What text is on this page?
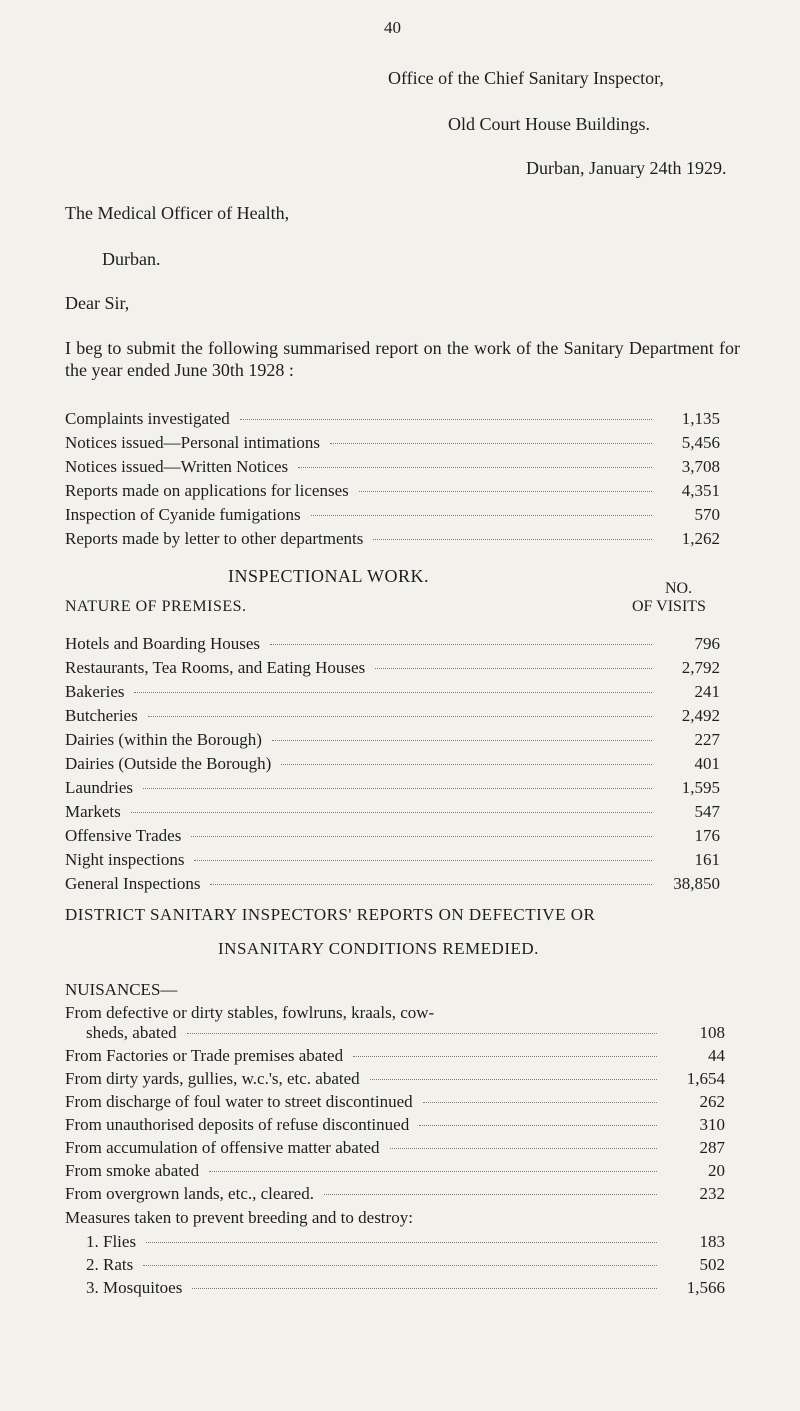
40
Office of the Chief Sanitary Inspector,
Old Court House Buildings.
Durban, January 24th 1929.
The Medical Officer of Health,
Durban.
Dear Sir,
I beg to submit the following summarised report on the work of the Sanitary Department for the year ended June 30th 1928 :
Complaints investigated	1,135
Notices issued—Personal intimations	5,456
Notices issued—Written Notices	3,708
Reports made on applications for licenses	4,351
Inspection of Cyanide fumigations	570
Reports made by letter to other departments	1,262
INSPECTIONAL WORK.
NATURE OF PREMISES.
NO.
OF VISITS
Hotels and Boarding Houses	796
Restaurants, Tea Rooms, and Eating Houses	2,792
Bakeries	241
Butcheries	2,492
Dairies (within the Borough)	227
Dairies (Outside the Borough)	401
Laundries	1,595
Markets	547
Offensive Trades	176
Night inspections	161
DISTRICT SANITARY INSPECTORS' REPORTS ON DEFECTIVE OR
INSANITARY CONDITIONS REMEDIED.
General Inspections	38,850
NUISANCES—
From defective or dirty stables, fowlruns, kraals, cow-
sheds, abated	108
From Factories or Trade premises abated	44
From dirty yards, gullies, w.c.'s, etc. abated	1,654
From discharge of foul water to street discontinued	262
From unauthorised deposits of refuse discontinued	310
From accumulation of offensive matter abated	287
From smoke abated	20
From overgrown lands, etc., cleared.	232
Measures taken to prevent breeding and to destroy:
1. Flies	183
2. Rats	502
3. Mosquitoes	1,566
